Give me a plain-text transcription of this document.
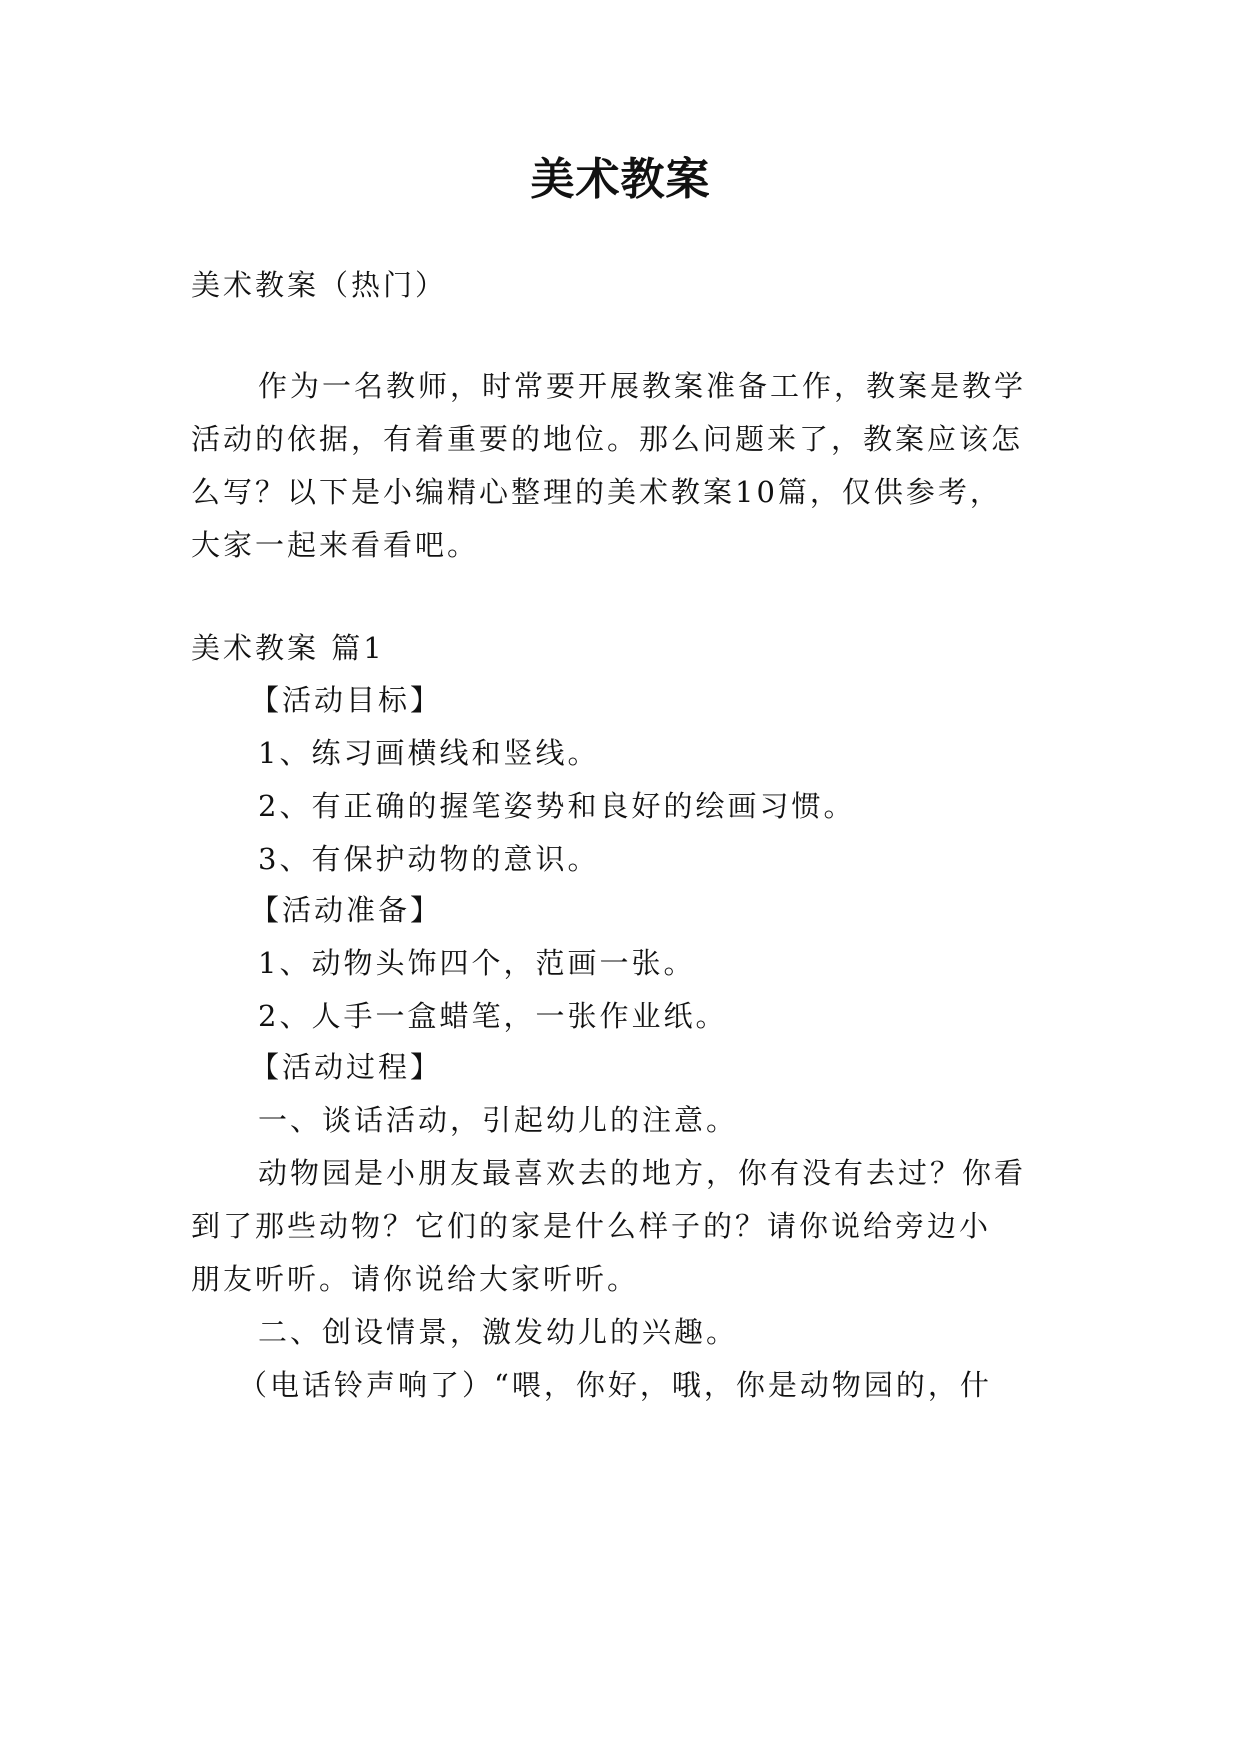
美术教案
美术教案（热门）
作为一名教师，时常要开展教案准备工作，教案是教学
活动的依据，有着重要的地位。那么问题来了，教案应该怎
么写？以下是小编精心整理的美术教案10篇，仅供参考，
大家一起来看看吧。
美术教案 篇1
【活动目标】
1、练习画横线和竖线。
2、有正确的握笔姿势和良好的绘画习惯。
3、有保护动物的意识。
【活动准备】
1、动物头饰四个，范画一张。
2、人手一盒蜡笔，一张作业纸。
【活动过程】
一、谈话活动，引起幼儿的注意。
动物园是小朋友最喜欢去的地方，你有没有去过？你看
到了那些动物？它们的家是什么样子的？请你说给旁边小
朋友听听。请你说给大家听听。
二、创设情景，激发幼儿的兴趣。
（电话铃声响了）“喂，你好，哦，你是动物园的，什
